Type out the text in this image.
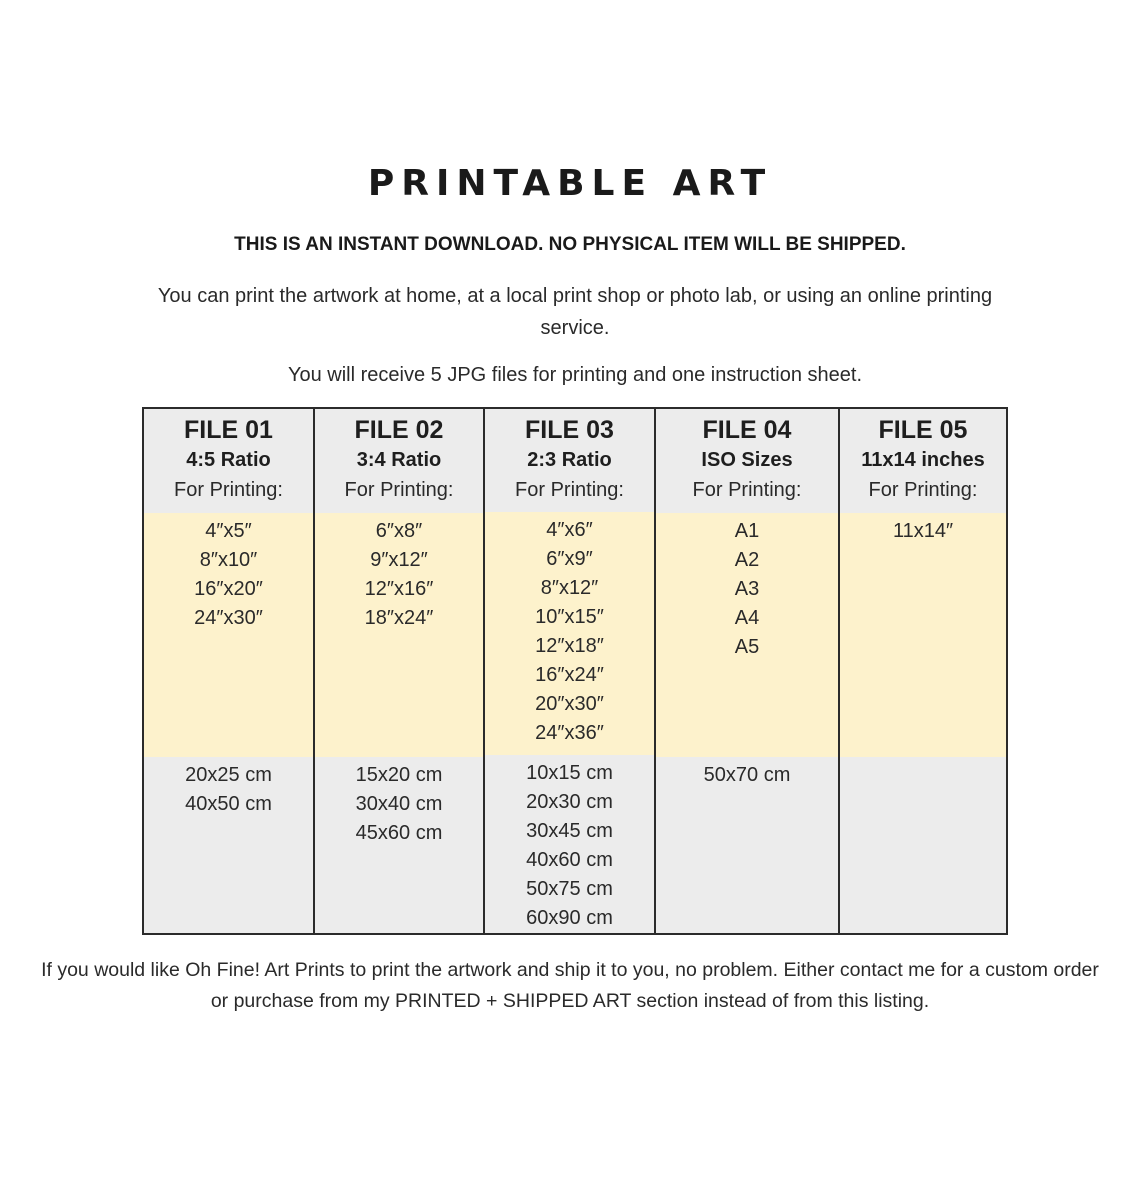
PRINTABLE ART
THIS IS AN INSTANT DOWNLOAD. NO PHYSICAL ITEM WILL BE SHIPPED.
You can print the artwork at home, at a local print shop or photo lab, or using an online printing service.
You will receive 5 JPG files for printing and one instruction sheet.
FILE 01
4:5 Ratio
For Printing:
4″x5″
8″x10″
16″x20″
24″x30″
20x25 cm
40x50 cm
FILE 02
3:4 Ratio
For Printing:
6″x8″
9″x12″
12″x16″
18″x24″
15x20 cm
30x40 cm
45x60 cm
FILE 03
2:3 Ratio
For Printing:
4″x6″
6″x9″
8″x12″
10″x15″
12″x18″
16″x24″
20″x30″
24″x36″
10x15 cm
20x30 cm
30x45 cm
40x60 cm
50x75 cm
60x90 cm
FILE 04
ISO Sizes
For Printing:
A1
A2
A3
A4
A5
50x70 cm
FILE 05
11x14 inches
For Printing:
11x14″
If you would like Oh Fine! Art Prints to print the artwork and ship it to you, no problem. Either contact me for a custom order or purchase from my PRINTED + SHIPPED ART section instead of from this listing.
